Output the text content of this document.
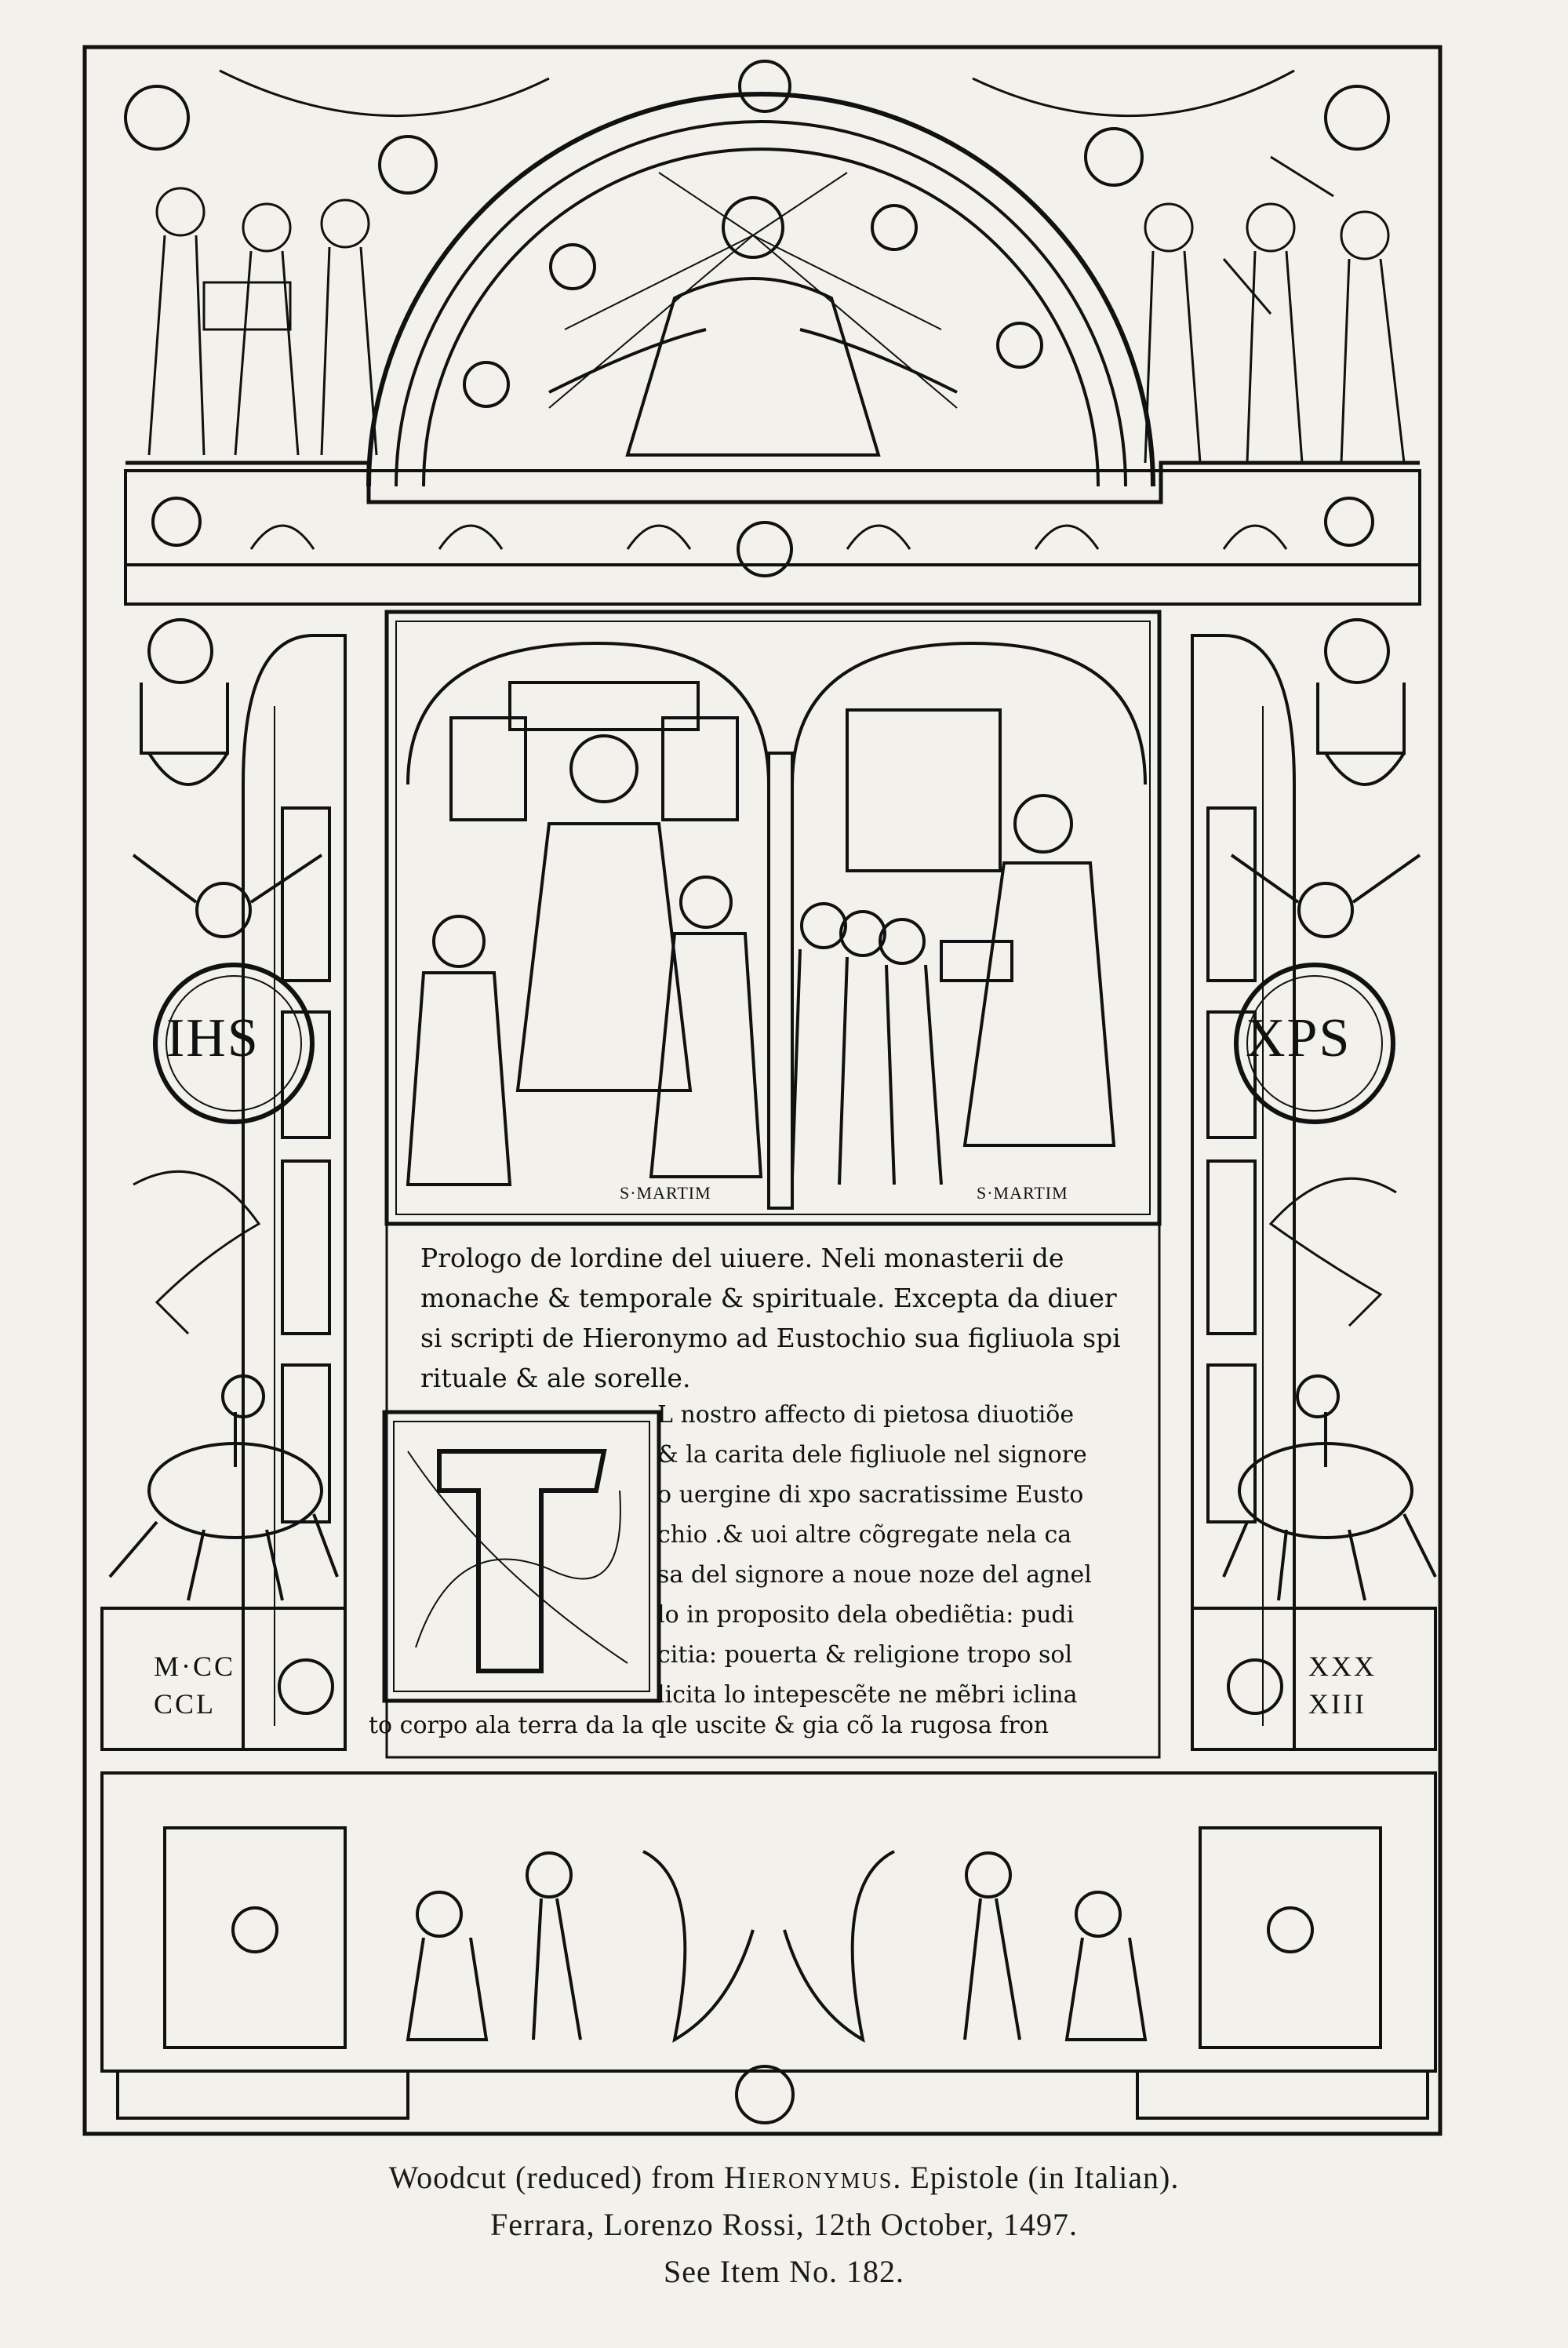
IHS	XPS
S·MARTIM	S·MARTIM
M·CC
CCL
XXX
XIII
Prologo de lordine del uiuere. Neli monasterii de
monache & temporale & spirituale. Excepta da diuer
si scripti de Hieronymo ad Eustochio sua figliuola spi
rituale & ale sorelle.
L nostro affecto di pietosa diuotiõe
& la carita dele figliuole nel signore
o uergine di xpo sacratissime Eusto
chio .& uoi altre cõgregate nela ca
sa del signore a noue noze del agnel
lo in proposito dela obediẽtia: pudi
citia: pouerta & religione tropo sol
licita lo intepescẽte ne mẽbri iclina
to corpo ala terra da la qle uscite & gia cõ la rugosa fron
Woodcut (reduced) from Hieronymus. Epistole (in Italian).
Ferrara, Lorenzo Rossi, 12th October, 1497.
See Item No. 182.
